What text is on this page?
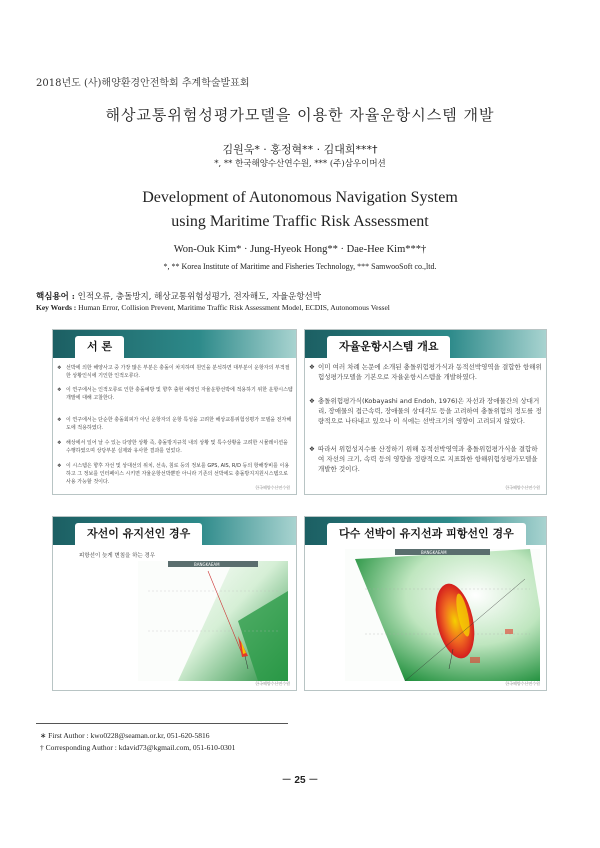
2018년도 (사)해양환경안전학회 추계학술발표회
해상교통위험성평가모델을 이용한 자율운항시스템 개발
김원욱* · 홍정혁** · 김대희***†
*, ** 한국해양수산연수원, *** (주)삼우이머션
Development of Autonomous Navigation System
using Maritime Traffic Risk Assessment
Won-Ouk Kim* · Jung-Hyeok Hong** · Dae-Hee Kim***†
*, ** Korea Institute of Maritime and Fisheries Technology, *** SamwooSoft co.,ltd.
핵심용어 : 인적오류, 충돌방지, 해상교통위험성평가, 전자해도, 자율운항선박
Key Words : Human Error, Collision Prevent, Maritime Traffic Risk Assessment Model, ECDIS, Autonomous Vessel
서 론
❖ 선박에 의한 해양사고 중 가장 많은 부분은 충돌이 차지하며 원인을 분석하면 대부분이 운항자의 부적절한 상황인식에 기인한 인적오류다.
❖ 이 연구에서는 인적오류로 인한 충돌예방 및 향후 출현 예정인 자율운항선박에 적용하기 위한 운항시스템 개발에 대해 고찰한다.
❖ 이 연구에서는 단순한 충돌회피가 아닌 운항자의 운항 특성을 고려한 해상교통위험성평가 모델을 전자해도에 적용하였다.
❖ 해상에서 일어 날 수 있는 다양한 상황 즉, 충돌방지규칙 내의 상황 및 특수상황을 고려한 시뮬레이션을 수행하였으며 상당부분 실제와 유사한 결과를 얻었다.
❖ 이 시스템은 향후 자선 및 상대선의 위치, 선속, 침로 등의 정보를 GPS, AIS, R/D 등의 항해장비를 이용하고 그 정보를 인터페이스 시키면 자율운항선박뿐만 아니라 기존의 선박에도 충돌방지지원시스템으로 사용 가능할 것이다.
한국해양수산연수원
자율운항시스템 개요
❖ 이미 여러 차례 논문에 소개된 충돌위험평가식과 동적선박영역을 결합한 항해위험성평가모델을 기본으로 자율운항시스템을 개발하였다.
❖ 충돌위험평가식(Kobayashi and Endoh, 1976)은 자선과 장애물간의 상대거리, 장애물의 접근속력, 장애물의 상대각도 등을 고려하여 충돌위험의 정도를 정량적으로 나타내고 있으나 이 식에는 선박크기의 영향이 고려되지 않았다.
❖ 따라서 위험성지수를 산정하기 위해 동적선박영역과 충돌위험평가식을 결합하여 자선의 크기, 속력 등의 영향을 정량적으로 지표화한 항해위험성평가모델을 개발한 것이다.
한국해양수산연수원
자선이 유지선인 경우
피항선이 늦게 변침을 하는 경우
BANGKAEAM
한국해양수산연수원
다수 선박이 유지선과 피항선인 경우
BANGKAEAM
한국해양수산연수원
∗ First Author : kwo0228@seaman.or.kr, 051-620-5816
† Corresponding Author : kdavid73@kgmail.com, 051-610-0301
－ 25 －
